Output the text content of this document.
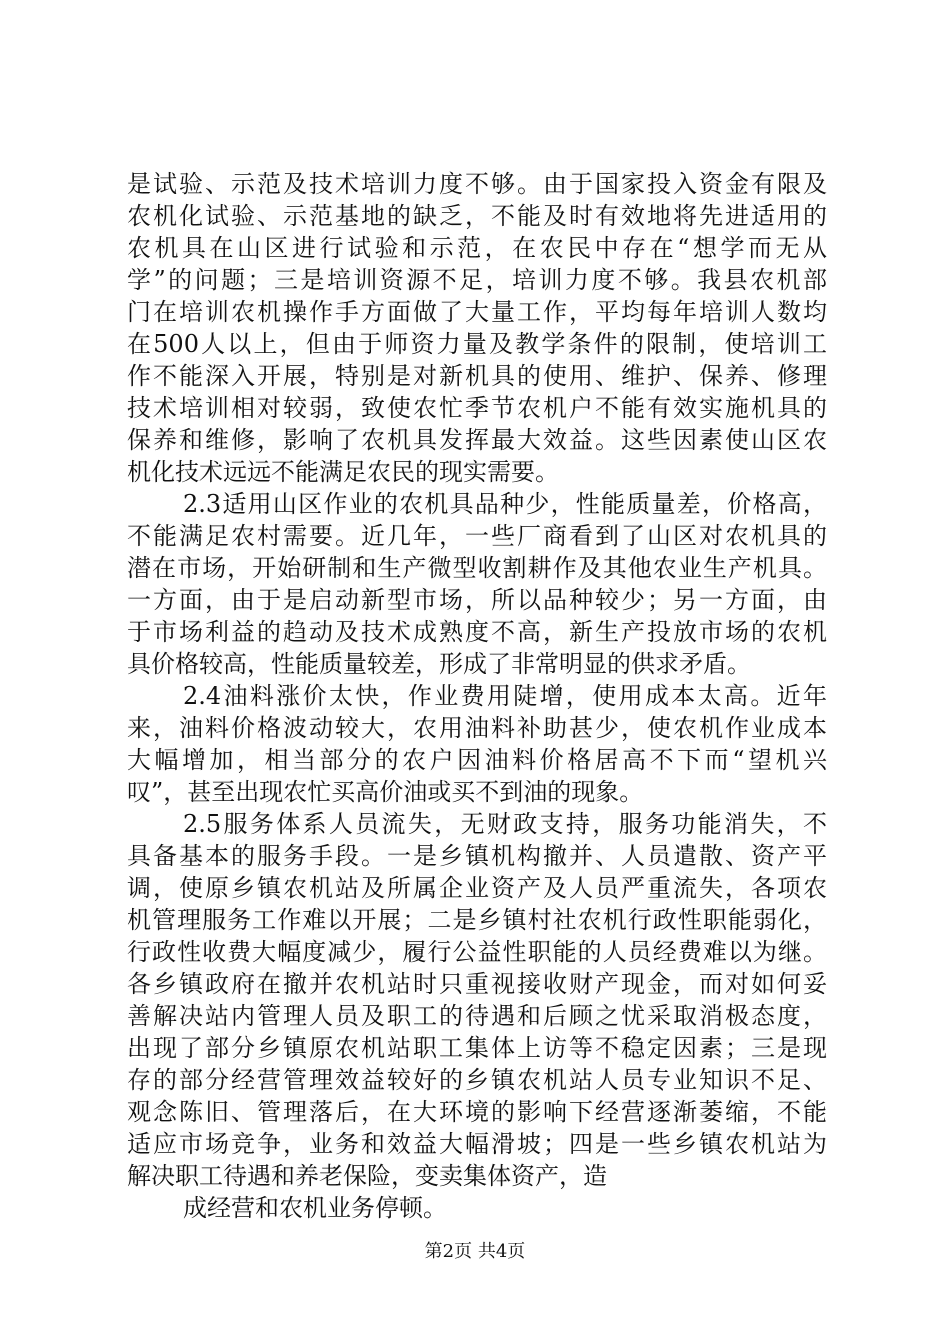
是试验、示范及技术培训力度不够。由于国家投入资金有限及
农机化试验、示范基地的缺乏，不能及时有效地将先进适用的
农机具在山区进行试验和示范，在农民中存在“想学而无从
学”的问题；三是培训资源不足，培训力度不够。我县农机部
门在培训农机操作手方面做了大量工作，平均每年培训人数均
在500人以上，但由于师资力量及教学条件的限制，使培训工
作不能深入开展，特别是对新机具的使用、维护、保养、修理
技术培训相对较弱，致使农忙季节农机户不能有效实施机具的
保养和维修，影响了农机具发挥最大效益。这些因素使山区农
机化技术远远不能满足农民的现实需要。
2.3适用山区作业的农机具品种少，性能质量差，价格高，
不能满足农村需要。近几年，一些厂商看到了山区对农机具的
潜在市场，开始研制和生产微型收割耕作及其他农业生产机具。
一方面，由于是启动新型市场，所以品种较少；另一方面，由
于市场利益的趋动及技术成熟度不高，新生产投放市场的农机
具价格较高，性能质量较差，形成了非常明显的供求矛盾。
2.4油料涨价太快，作业费用陡增，使用成本太高。近年
来，油料价格波动较大，农用油料补助甚少，使农机作业成本
大幅增加，相当部分的农户因油料价格居高不下而“望机兴
叹”，甚至出现农忙买高价油或买不到油的现象。
2.5服务体系人员流失，无财政支持，服务功能消失，不
具备基本的服务手段。一是乡镇机构撤并、人员遣散、资产平
调，使原乡镇农机站及所属企业资产及人员严重流失，各项农
机管理服务工作难以开展；二是乡镇村社农机行政性职能弱化，
行政性收费大幅度减少，履行公益性职能的人员经费难以为继。
各乡镇政府在撤并农机站时只重视接收财产现金，而对如何妥
善解决站内管理人员及职工的待遇和后顾之忧采取消极态度，
出现了部分乡镇原农机站职工集体上访等不稳定因素；三是现
存的部分经营管理效益较好的乡镇农机站人员专业知识不足、
观念陈旧、管理落后，在大环境的影响下经营逐渐萎缩，不能
适应市场竞争，业务和效益大幅滑坡；四是一些乡镇农机站为
解决职工待遇和养老保险，变卖集体资产，造
成经营和农机业务停顿。
第2页 共4页
